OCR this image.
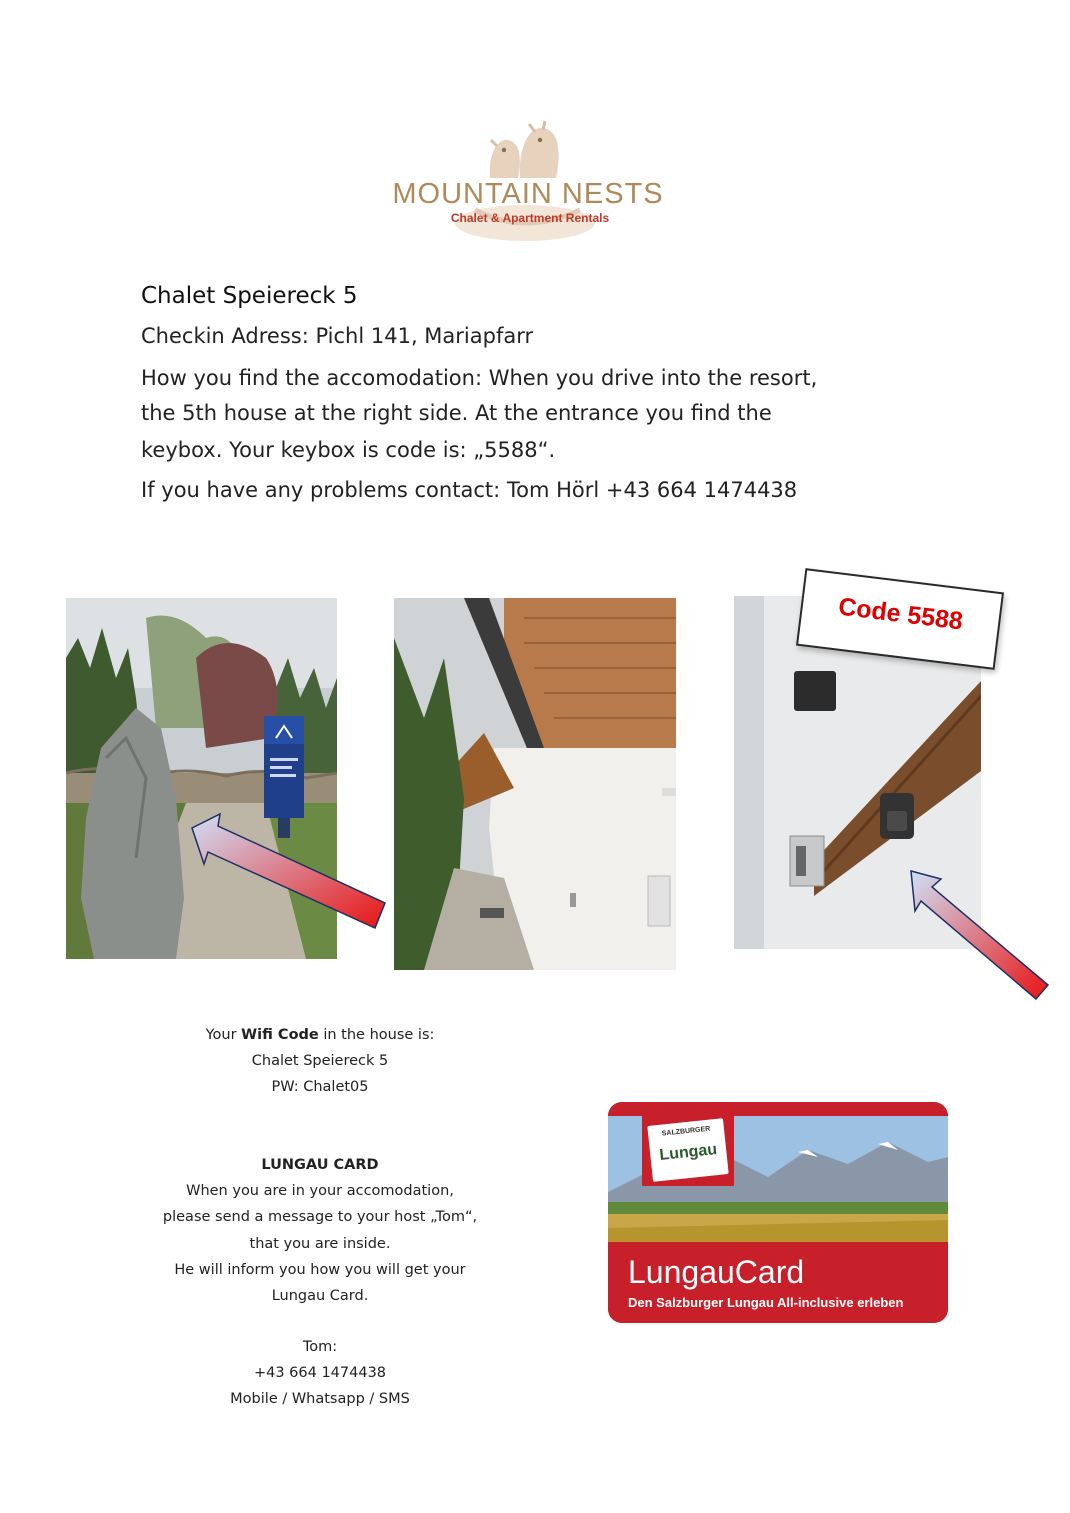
MOUNTAIN NESTS
Chalet & Apartment Rentals
Chalet Speiereck 5
Checkin Adress: Pichl 141, Mariapfarr
How you find the accomodation: When you drive into the resort,
the 5th house at the right side. At the entrance you find the
keybox. Your keybox is code is: „5588“.
If you have any problems contact: Tom Hörl +43 664 1474438
Code 5588
Your Wifi Code in the house is:
Chalet Speiereck 5
PW: Chalet05
LUNGAU CARD
When you are in your accomodation,
please send a message to your host „Tom“,
that you are inside.
He will inform you how you will get your
Lungau Card.
Tom:
+43 664 1474438
Mobile / Whatsapp / SMS
SALZBURGER
Lungau
LungauCard
Den Salzburger Lungau All-inclusive erleben
